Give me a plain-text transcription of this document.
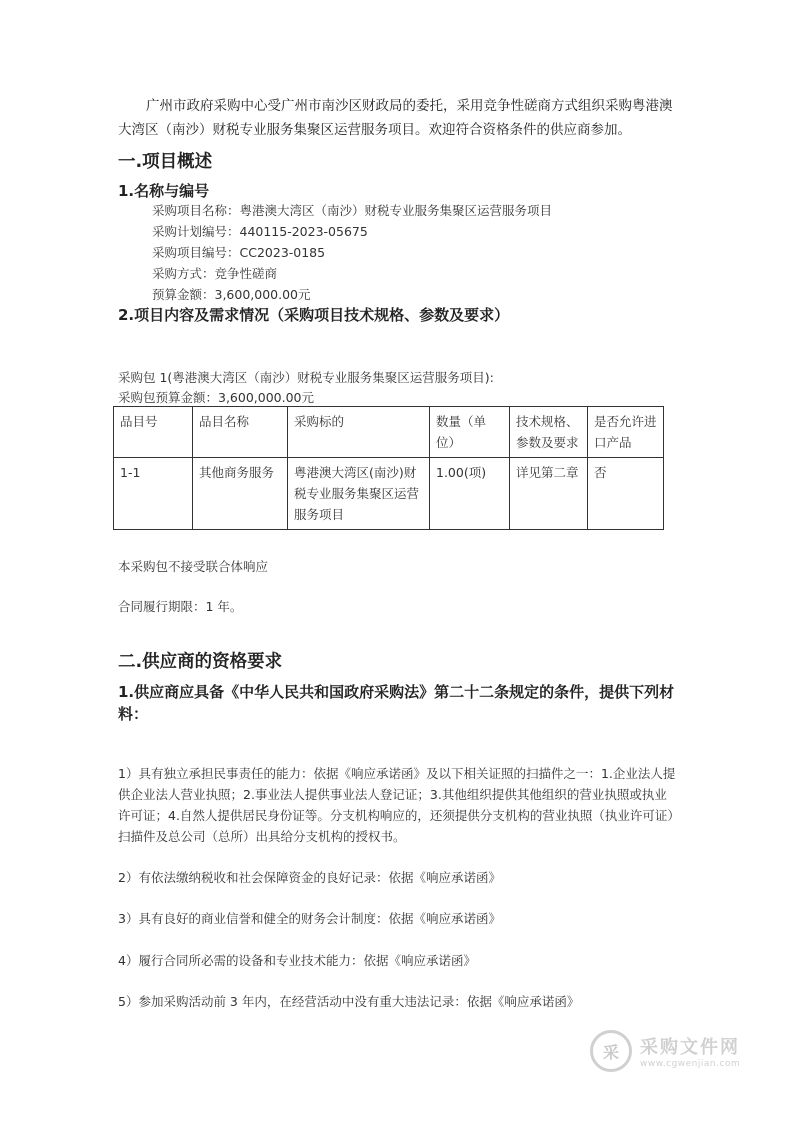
广州市政府采购中心受广州市南沙区财政局的委托，采用竞争性磋商方式组织采购粤港澳大湾区（南沙）财税专业服务集聚区运营服务项目。欢迎符合资格条件的供应商参加。
一.项目概述
1.名称与编号
采购项目名称：粤港澳大湾区（南沙）财税专业服务集聚区运营服务项目
采购计划编号：440115-2023-05675
采购项目编号：CC2023-0185
采购方式：竞争性磋商
预算金额：3,600,000.00元
2.项目内容及需求情况（采购项目技术规格、参数及要求）
采购包 1(粤港澳大湾区（南沙）财税专业服务集聚区运营服务项目):
采购包预算金额：3,600,000.00元
品目号	品目名称	采购标的	数量（单位）	技术规格、参数及要求	是否允许进口产品
1-1	其他商务服务	粤港澳大湾区(南沙)财税专业服务集聚区运营服务项目	1.00(项)	详见第二章	否
本采购包不接受联合体响应
合同履行期限：1 年。
二.供应商的资格要求
1.供应商应具备《中华人民共和国政府采购法》第二十二条规定的条件，提供下列材料：
1）具有独立承担民事责任的能力：依据《响应承诺函》及以下相关证照的扫描件之一：1.企业法人提供企业法人营业执照；2.事业法人提供事业法人登记证；3.其他组织提供其他组织的营业执照或执业许可证；4.自然人提供居民身份证等。分支机构响应的，还须提供分支机构的营业执照（执业许可证）扫描件及总公司（总所）出具给分支机构的授权书。
2）有依法缴纳税收和社会保障资金的良好记录：依据《响应承诺函》
3）具有良好的商业信誉和健全的财务会计制度：依据《响应承诺函》
4）履行合同所必需的设备和专业技术能力：依据《响应承诺函》
5）参加采购活动前 3 年内，在经营活动中没有重大违法记录：依据《响应承诺函》
采	采购文件网
www.cgwenjian.com
